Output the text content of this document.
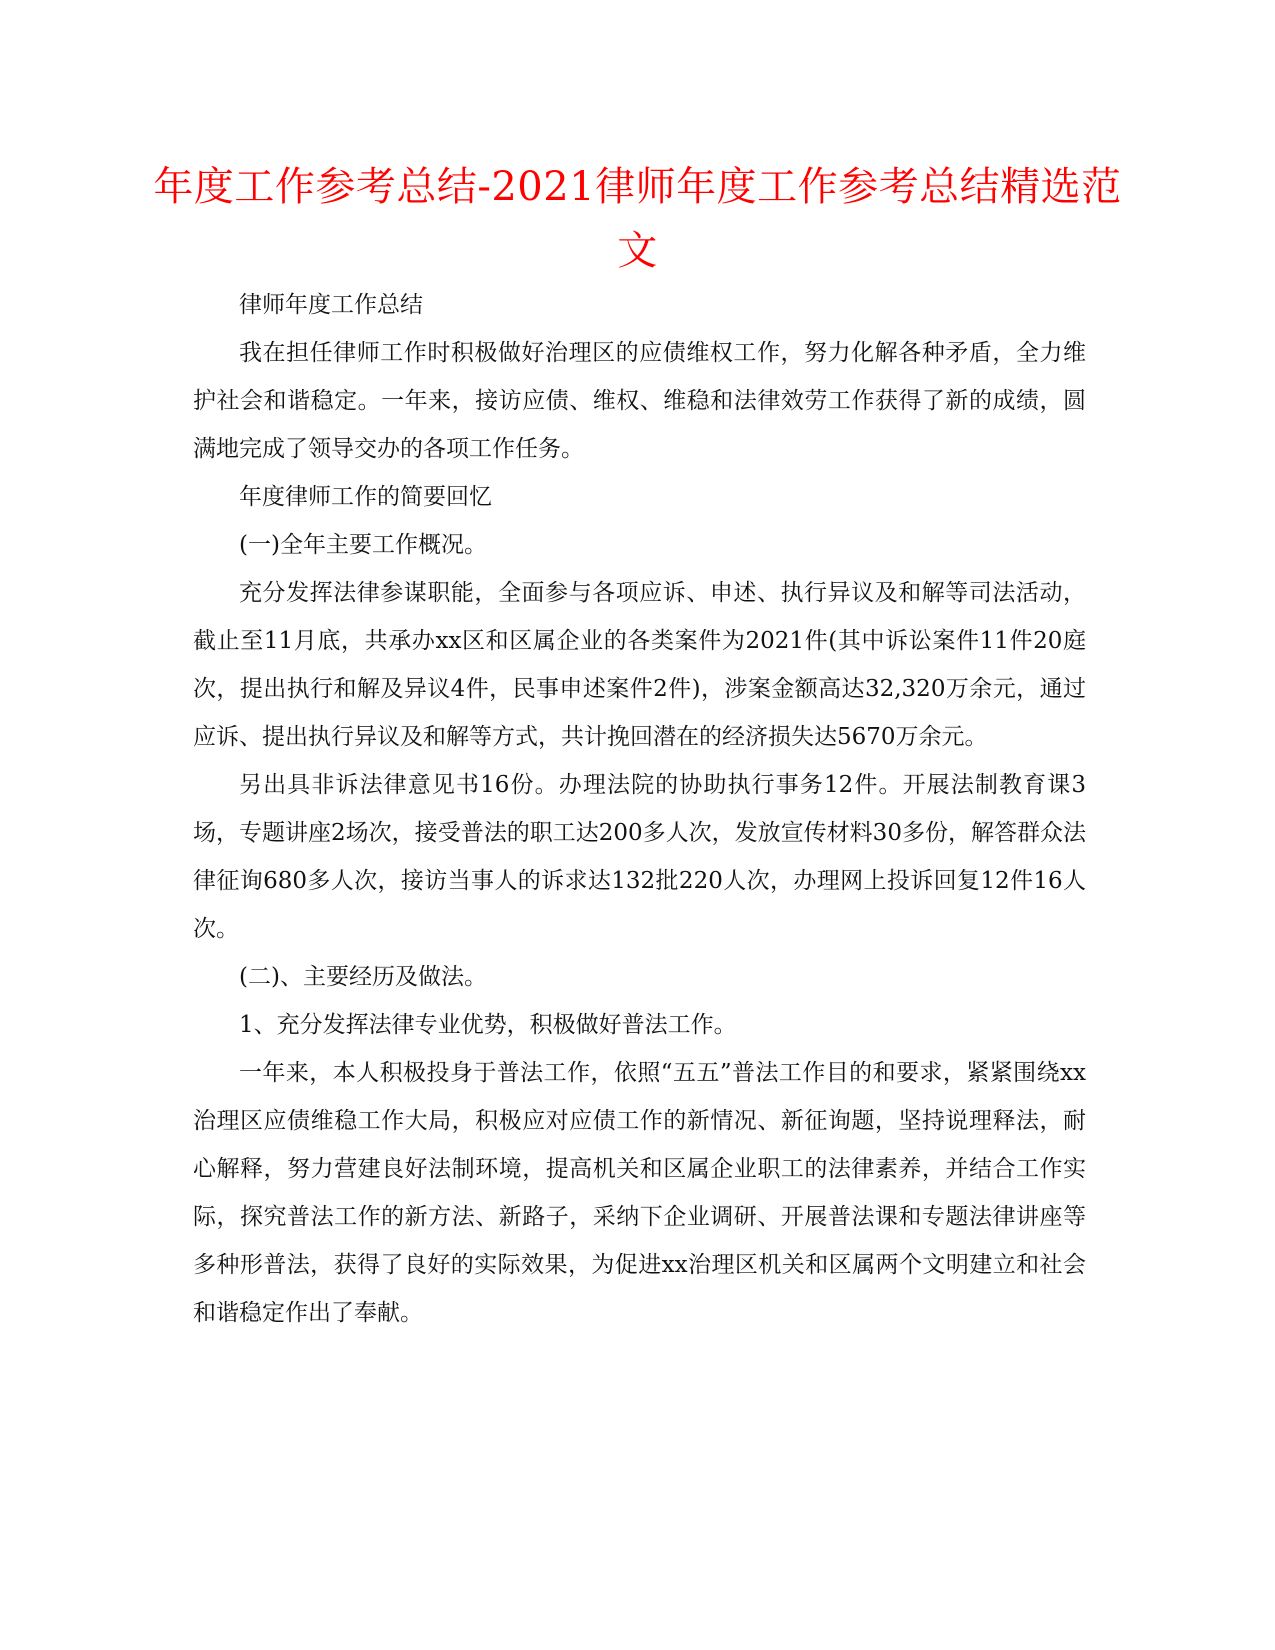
年度工作参考总结-2021律师年度工作参考总结精选范文

律师年度工作总结

我在担任律师工作时积极做好治理区的应债维权工作，努力化解各种矛盾，全力维护社会和谐稳定。一年来，接访应债、维权、维稳和法律效劳工作获得了新的成绩，圆满地完成了领导交办的各项工作任务。

年度律师工作的简要回忆

(一)全年主要工作概况。

充分发挥法律参谋职能，全面参与各项应诉、申述、执行异议及和解等司法活动，截止至11月底，共承办xx区和区属企业的各类案件为2021件(其中诉讼案件11件20庭次，提出执行和解及异议4件，民事申述案件2件)，涉案金额高达32,320万余元，通过应诉、提出执行异议及和解等方式，共计挽回潜在的经济损失达5670万余元。

另出具非诉法律意见书16份。办理法院的协助执行事务12件。开展法制教育课3场，专题讲座2场次，接受普法的职工达200多人次，发放宣传材料30多份，解答群众法律征询680多人次，接访当事人的诉求达132批220人次，办理网上投诉回复12件16人次。

(二)、主要经历及做法。

1、充分发挥法律专业优势，积极做好普法工作。

一年来，本人积极投身于普法工作，依照“五五”普法工作目的和要求，紧紧围绕xx治理区应债维稳工作大局，积极应对应债工作的新情况、新征询题，坚持说理释法，耐心解释，努力营建良好法制环境，提高机关和区属企业职工的法律素养，并结合工作实际，探究普法工作的新方法、新路子，采纳下企业调研、开展普法课和专题法律讲座等多种形普法，获得了良好的实际效果，为促进xx治理区机关和区属两个文明建立和社会和谐稳定作出了奉献。
